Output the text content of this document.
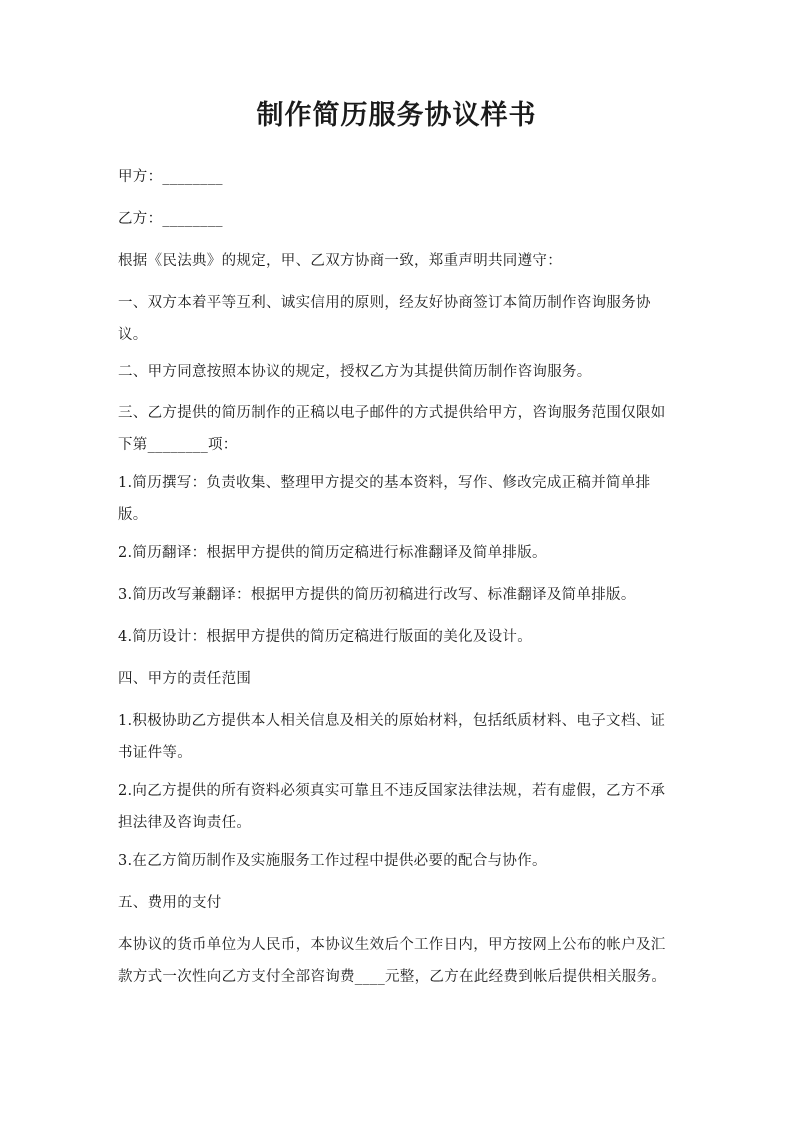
制作简历服务协议样书

甲方：________

乙方：________

根据《民法典》的规定，甲、乙双方协商一致，郑重声明共同遵守：

一、双方本着平等互利、诚实信用的原则，经友好协商签订本简历制作咨询服务协议。

二、甲方同意按照本协议的规定，授权乙方为其提供简历制作咨询服务。

三、乙方提供的简历制作的正稿以电子邮件的方式提供给甲方，咨询服务范围仅限如下第________项：

1.简历撰写：负责收集、整理甲方提交的基本资料，写作、修改完成正稿并简单排版。

2.简历翻译：根据甲方提供的简历定稿进行标准翻译及简单排版。

3.简历改写兼翻译：根据甲方提供的简历初稿进行改写、标准翻译及简单排版。

4.简历设计：根据甲方提供的简历定稿进行版面的美化及设计。

四、甲方的责任范围

1.积极协助乙方提供本人相关信息及相关的原始材料，包括纸质材料、电子文档、证书证件等。

2.向乙方提供的所有资料必须真实可靠且不违反国家法律法规，若有虚假，乙方不承担法律及咨询责任。

3.在乙方简历制作及实施服务工作过程中提供必要的配合与协作。

五、费用的支付

本协议的货币单位为人民币，本协议生效后个工作日内，甲方按网上公布的帐户及汇款方式一次性向乙方支付全部咨询费____元整，乙方在此经费到帐后提供相关服务。
